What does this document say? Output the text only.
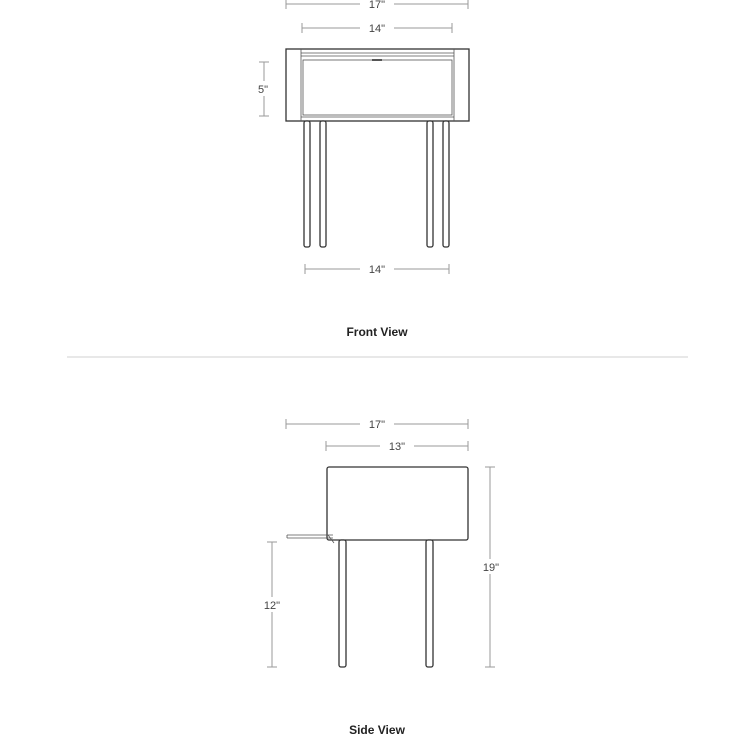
17"
14"
5"
14"
Front View
17"
13"
19"
12"
Side View
